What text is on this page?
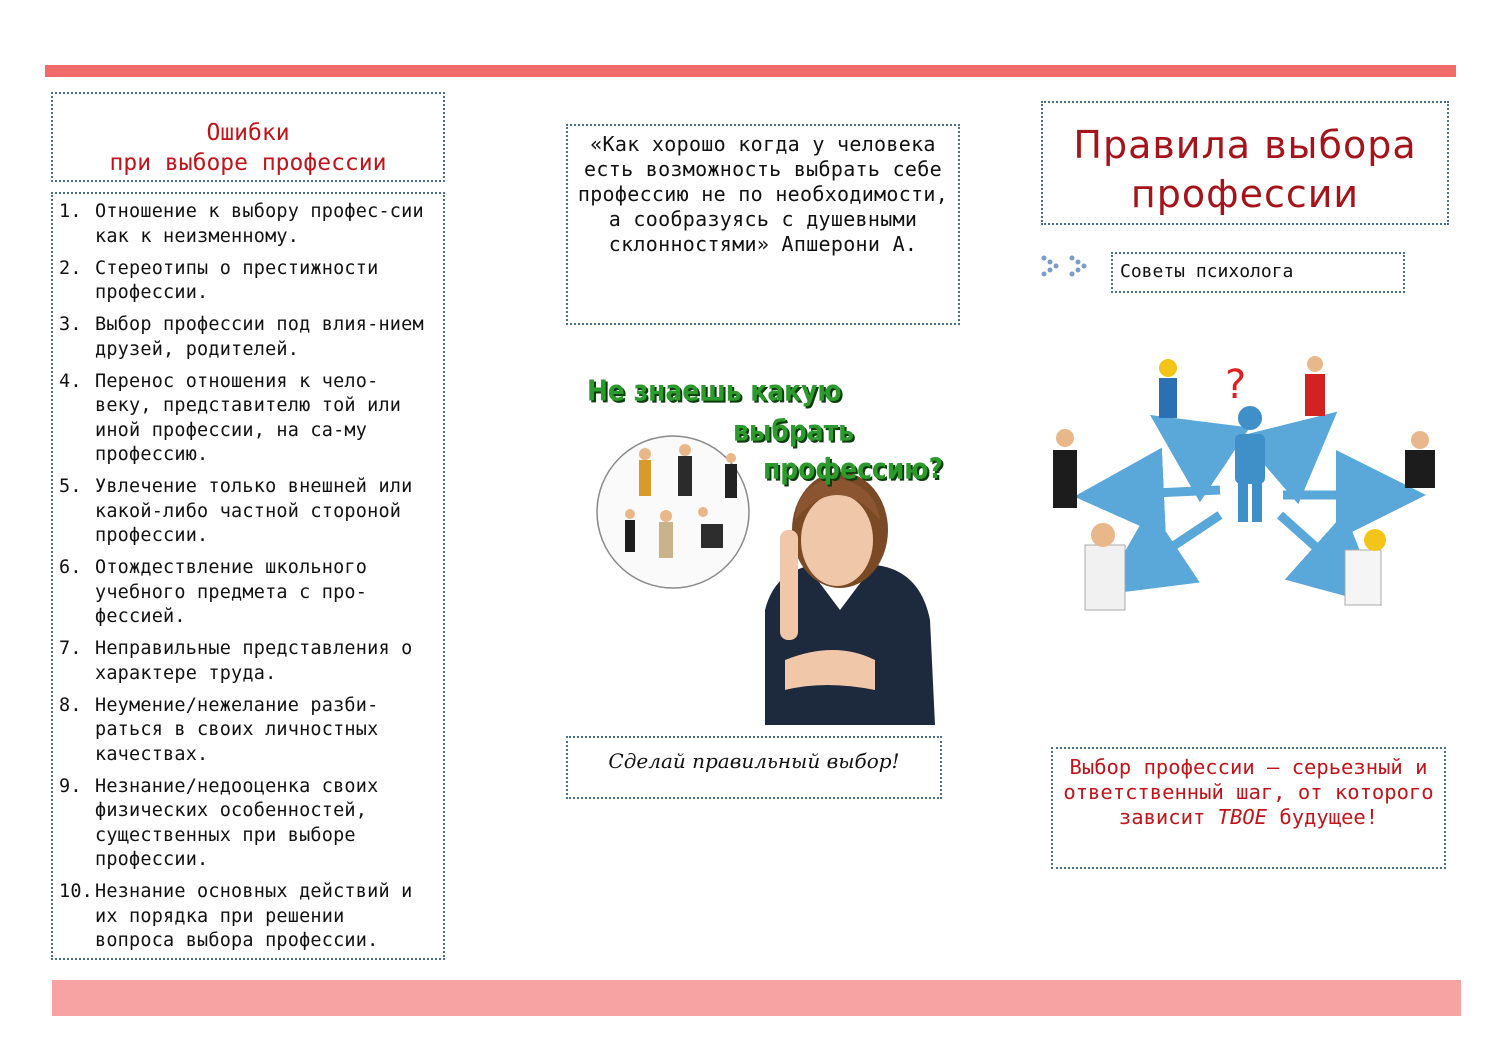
Ошибки
при выборе профессии
1. Отношение к выбору профес-сии как к неизменному.
2. Стереотипы о престижности профессии.
3. Выбор профессии под влия-нием друзей, родителей.
4. Перенос отношения к чело-веку, представителю той или иной профессии, на са-му профессию.
5. Увлечение только внешней или какой-либо частной стороной профессии.
6. Отождествление школьного учебного предмета с про-фессией.
7. Неправильные представления о характере труда.
8. Неумение/нежелание разби-раться в своих личностных качествах.
9. Незнание/недооценка своих физических особенностей, существенных при выборе профессии.
10. Незнание основных действий и их порядка при решении вопроса выбора профессии.
«Как хорошо когда у человека есть возможность выбрать себе профессию не по необходимости, а сообразуясь с душевными склонностями» Апшерони А.
Не знаешь какую
выбрать
профессию?
Сделай правильный выбор!
Правила выбора
профессии
Советы психолога
?
Выбор профессии – серьезный и ответственный шаг, от которого зависит ТВОЕ будущее!
